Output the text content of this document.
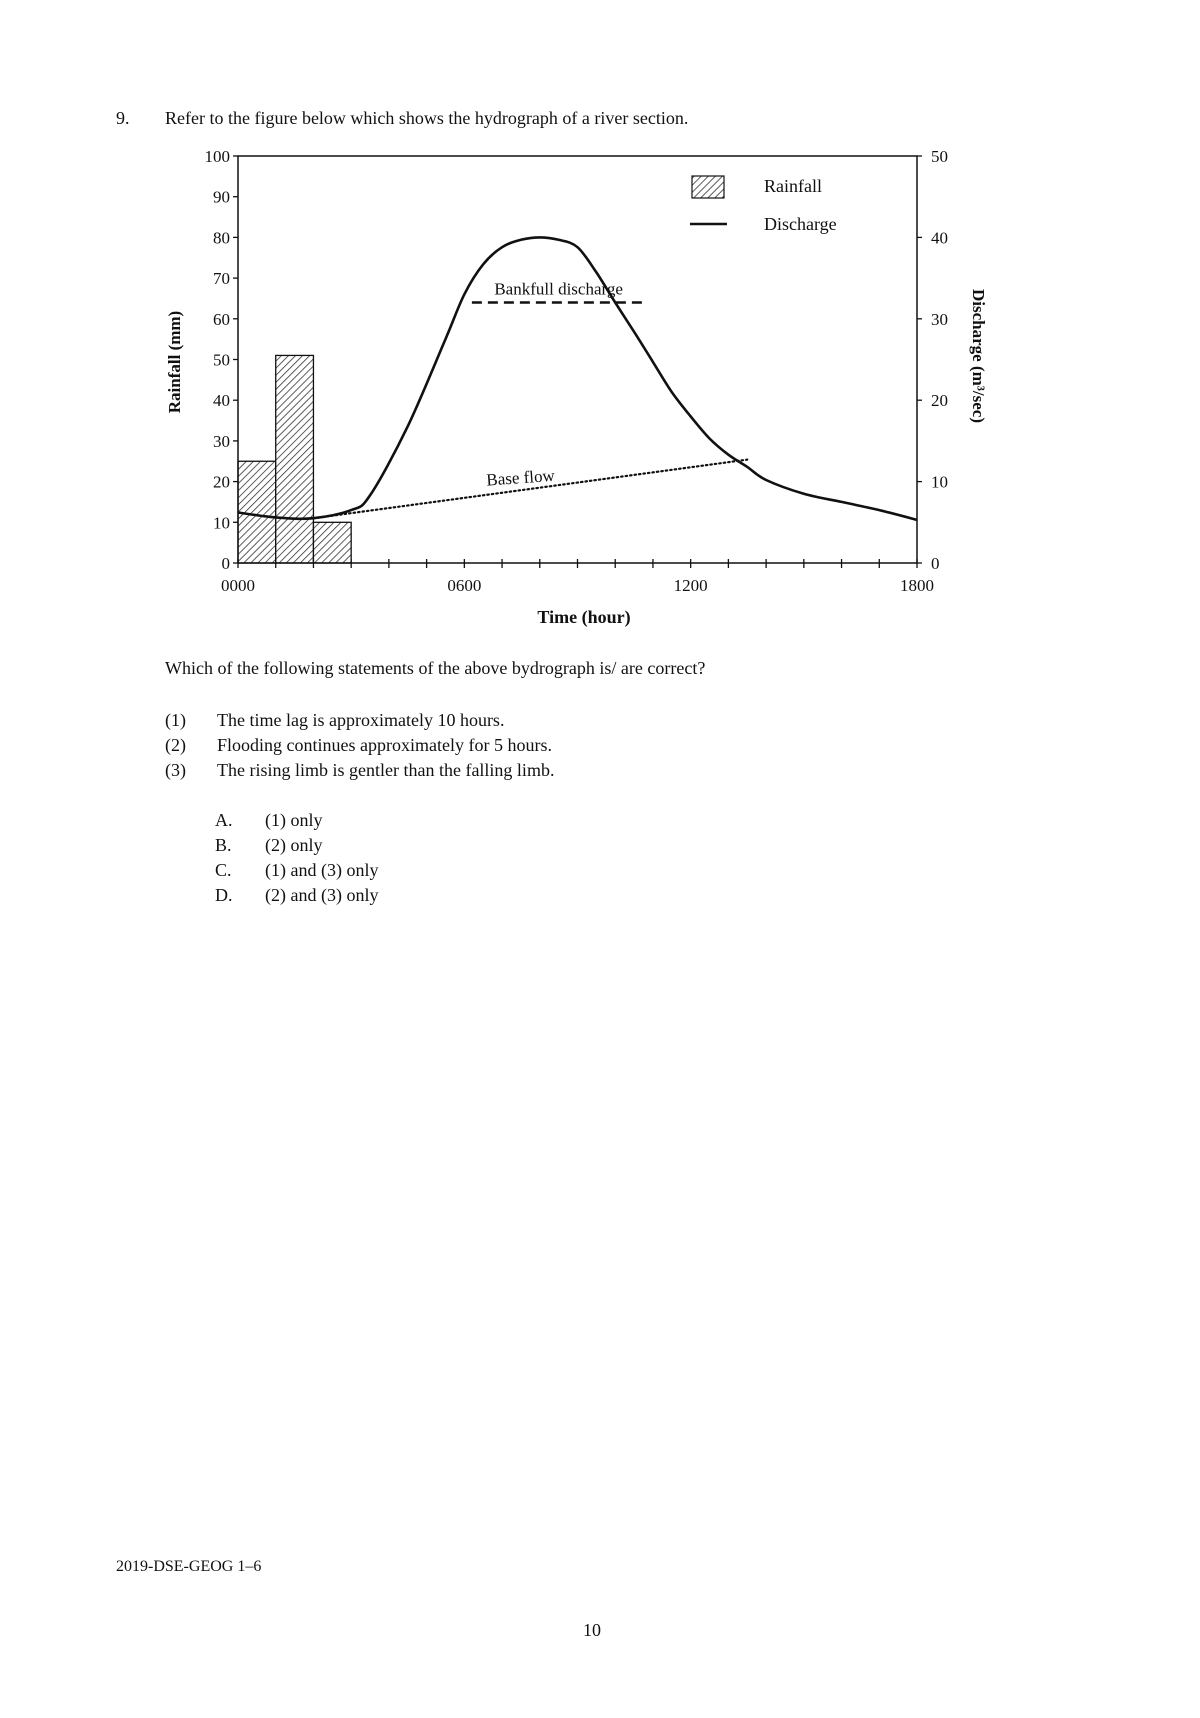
9. Refer to the figure below which shows the hydrograph of a river section.
0
10
20
30
40
50
60
70
80
90
100
0
10
20
30
40
50
0000	0600	1200	1800
Base flow
Bankfull discharge
Time (hour)
Rainfall (mm)	Discharge (m³/sec)
Rainfall
Discharge
Which of the following statements of the above bydrograph is/ are correct?
(1) The time lag is approximately 10 hours.
(2) Flooding continues approximately for 5 hours.
(3) The rising limb is gentler than the falling limb.
A. (1) only
B. (2) only
C. (1) and (3) only
D. (2) and (3) only
2019-DSE-GEOG 1–6
10
